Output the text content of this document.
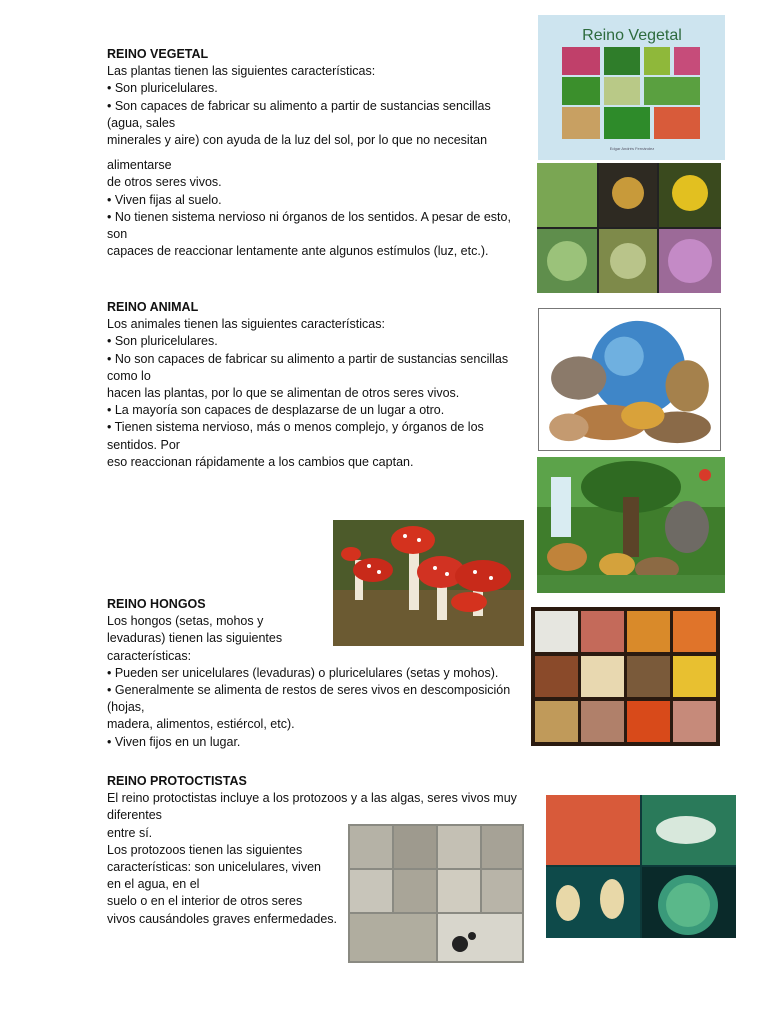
REINO VEGETAL
Las plantas tienen las siguientes características:
• Son pluricelulares.
• Son capaces de fabricar su alimento a partir de sustancias sencillas
(agua, sales
minerales y aire) con ayuda de la luz del sol, por lo que no necesitan
alimentarse
de otros seres vivos.
• Viven fijas al suelo.
• No tienen sistema nervioso ni órganos de los sentidos. A pesar de esto,
son
capaces de reaccionar lentamente ante algunos estímulos (luz, etc.).
REINO ANIMAL
Los animales tienen las siguientes características:
• Son pluricelulares.
• No son capaces de fabricar su alimento a partir de sustancias sencillas
como lo
hacen las plantas, por lo que se alimentan de otros seres vivos.
• La mayoría son capaces de desplazarse de un lugar a otro.
• Tienen sistema nervioso, más o menos complejo, y órganos de los
sentidos. Por
eso reaccionan rápidamente a los cambios que captan.
REINO HONGOS
Los hongos (setas, mohos y
levaduras) tienen las siguientes
características:
• Pueden ser unicelulares (levaduras) o pluricelulares (setas y mohos).
• Generalmente se alimenta de restos de seres vivos en descomposición
(hojas,
madera, alimentos, estiércol, etc).
• Viven fijos en un lugar.
REINO PROTOCTISTAS
El reino protoctistas incluye a los protozoos y a las algas, seres vivos muy
diferentes
entre sí.
Los protozoos tienen las siguientes
características: son unicelulares, viven
en el agua, en el
suelo o en el interior de otros seres
vivos causándoles graves enfermedades.
Reino Vegetal
Edgar Andrés Fernández
